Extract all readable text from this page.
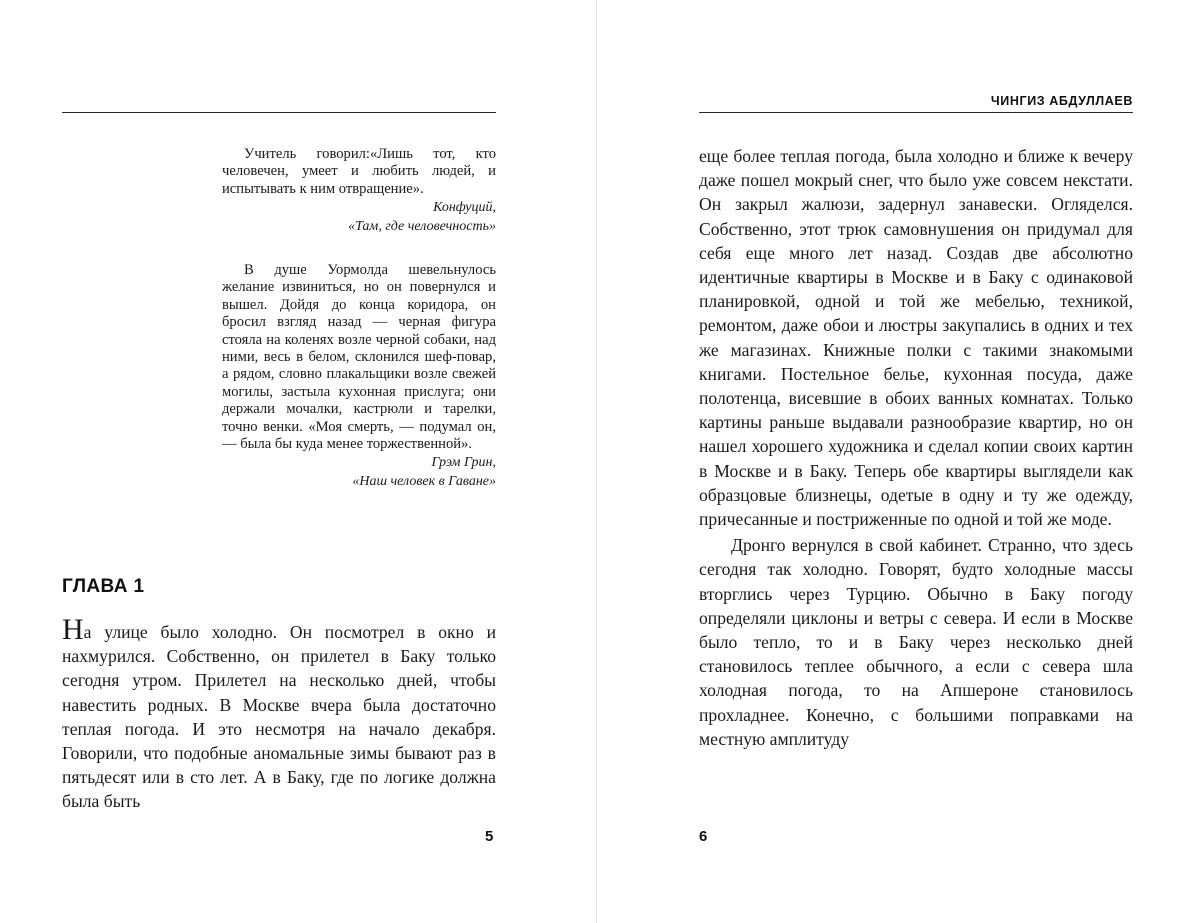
Учитель говорил:«Лишь тот, кто человечен, умеет и любить людей, и испытывать к ним отвращение».

Конфуций,
«Там, где человечность»

В душе Уормолда шевельнулось желание извиниться, но он повернулся и вышел. Дойдя до конца коридора, он бросил взгляд назад — черная фигура стояла на коленях возле черной собаки, над ними, весь в белом, склонился шеф-повар, а рядом, словно плакальщики возле свежей могилы, застыла кухонная прислуга; они держали мочалки, кастрюли и тарелки, точно венки. «Моя смерть, — подумал он, — была бы куда менее торжественной».

Грэм Грин,
«Наш человек в Гаване»
ГЛАВА 1

На улице было холодно. Он посмотрел в окно и нахмурился. Собственно, он прилетел в Баку только сегодня утром. Прилетел на несколько дней, чтобы навестить родных. В Москве вчера была достаточно теплая погода. И это несмотря на начало декабря. Говорили, что подобные аномальные зимы бывают раз в пятьдесят или в сто лет. А в Баку, где по логике должна была быть

5
ЧИНГИЗ АБДУЛЛАЕВ

еще более теплая погода, была холодно и ближе к вечеру даже пошел мокрый снег, что было уже совсем некстати. Он закрыл жалюзи, задернул занавески. Огляделся. Собственно, этот трюк самовнушения он придумал для себя еще много лет назад. Создав две абсолютно идентичные квартиры в Москве и в Баку с одинаковой планировкой, одной и той же мебелью, техникой, ремонтом, даже обои и люстры закупались в одних и тех же магазинах. Книжные полки с такими знакомыми книгами. Постельное белье, кухонная посуда, даже полотенца, висевшие в обоих ванных комнатах. Только картины раньше выдавали разнообразие квартир, но он нашел хорошего художника и сделал копии своих картин в Москве и в Баку. Теперь обе квартиры выглядели как образцовые близнецы, одетые в одну и ту же одежду, причесанные и постриженные по одной и той же моде.

Дронго вернулся в свой кабинет. Странно, что здесь сегодня так холодно. Говорят, будто холодные массы вторглись через Турцию. Обычно в Баку погоду определяли циклоны и ветры с севера. И если в Москве было тепло, то и в Баку через несколько дней становилось теплее обычного, а если с севера шла холодная погода, то на Апшероне становилось прохладнее. Конечно, с большими поправками на местную амплитуду

6
